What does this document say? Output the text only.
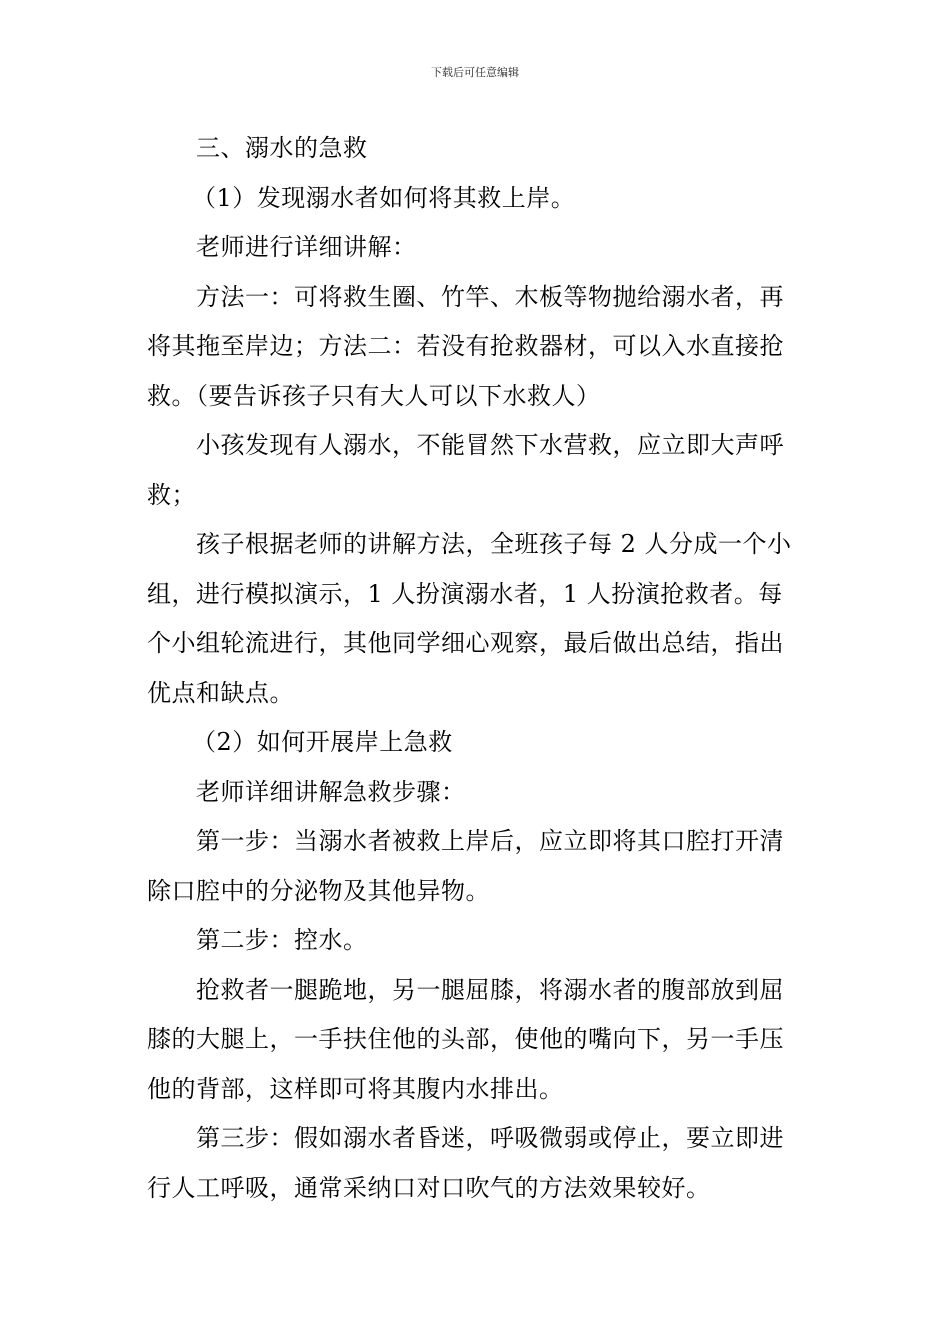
下载后可任意编辑

三、溺水的急救

（1）发现溺水者如何将其救上岸。

老师进行详细讲解：

方法一：可将救生圈、竹竿、木板等物抛给溺水者，再将其拖至岸边；方法二：若没有抢救器材，可以入水直接抢救。（要告诉孩子只有大人可以下水救人）

小孩发现有人溺水，不能冒然下水营救，应立即大声呼救；

孩子根据老师的讲解方法，全班孩子每 2 人分成一个小组，进行模拟演示，1 人扮演溺水者，1 人扮演抢救者。每个小组轮流进行，其他同学细心观察，最后做出总结，指出优点和缺点。

（2）如何开展岸上急救

老师详细讲解急救步骤：

第一步：当溺水者被救上岸后，应立即将其口腔打开清除口腔中的分泌物及其他异物。

第二步：控水。

抢救者一腿跪地，另一腿屈膝，将溺水者的腹部放到屈膝的大腿上，一手扶住他的头部，使他的嘴向下，另一手压他的背部，这样即可将其腹内水排出。

第三步：假如溺水者昏迷，呼吸微弱或停止，要立即进行人工呼吸，通常采纳口对口吹气的方法效果较好。
